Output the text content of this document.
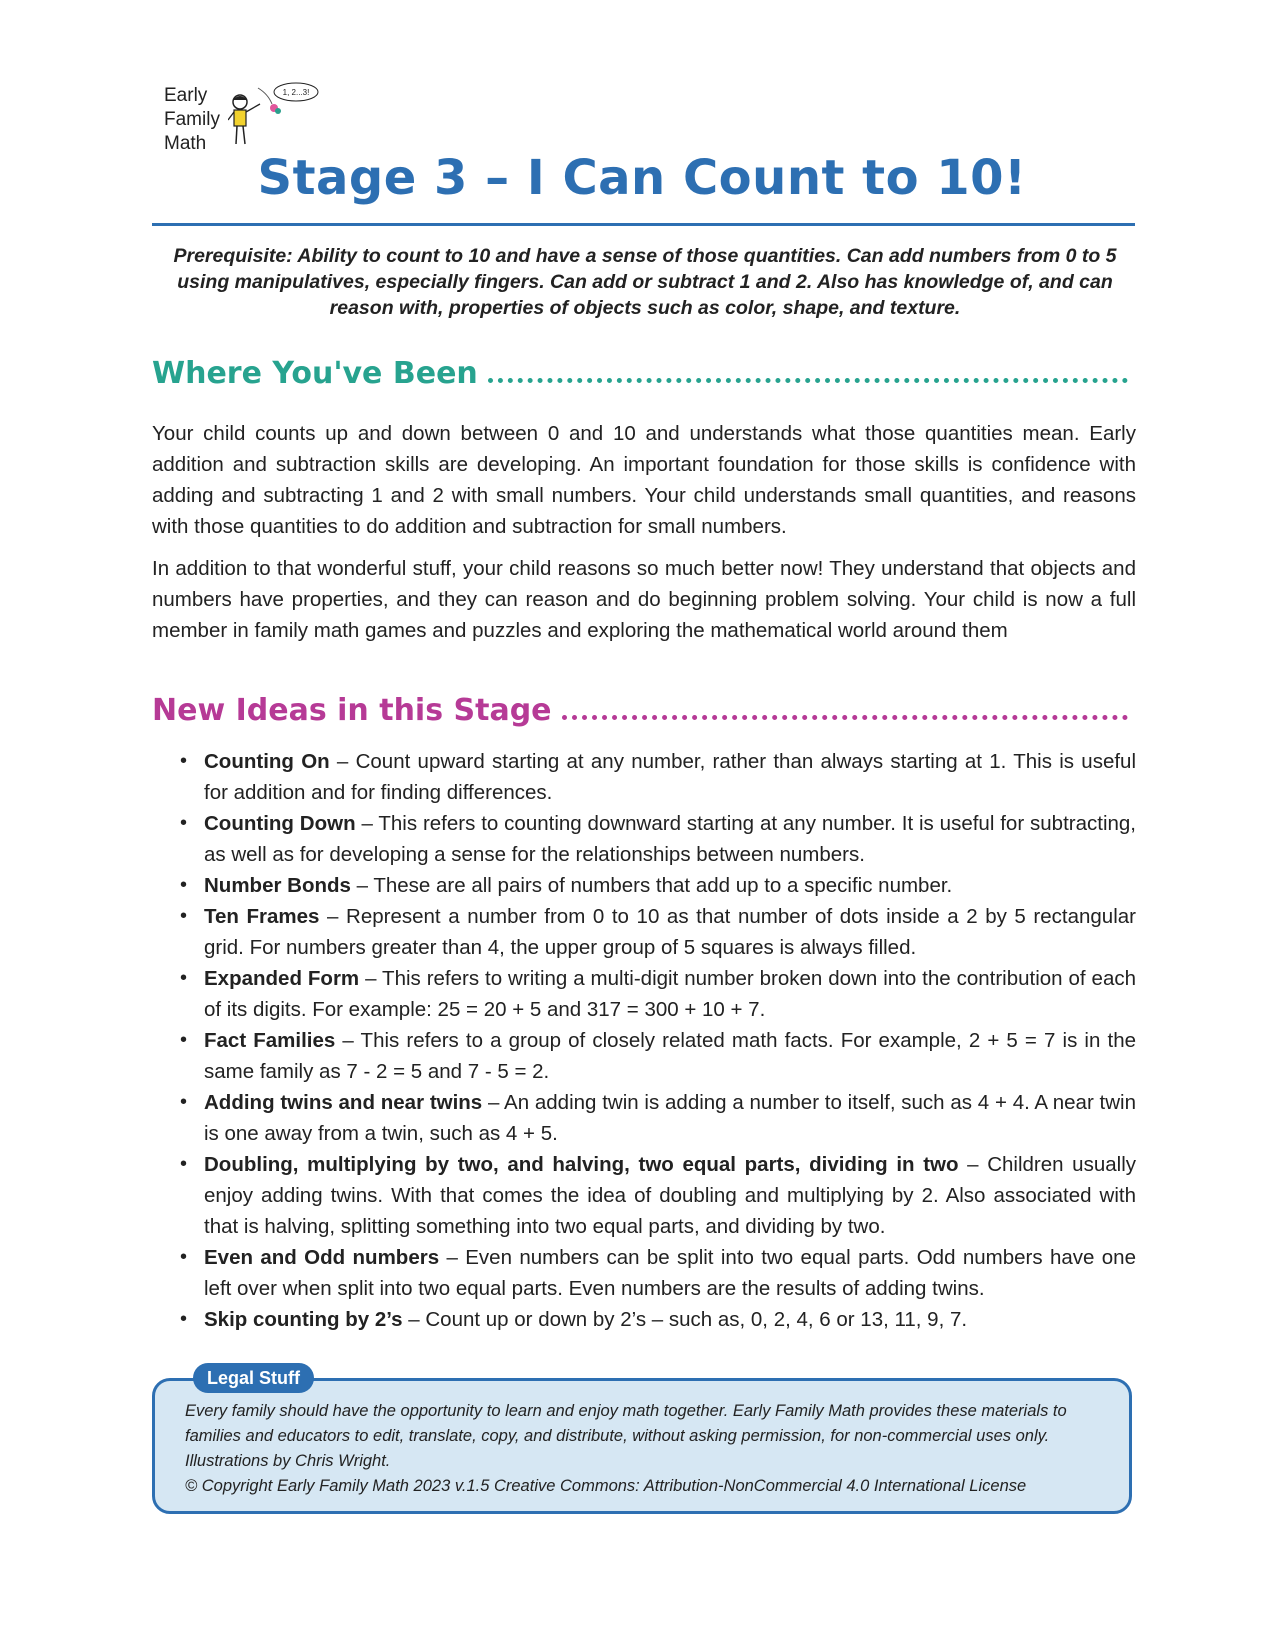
Early
Family
Math
1, 2...3!
Stage 3 – I Can Count to 10!
Prerequisite: Ability to count to 10 and have a sense of those quantities. Can add numbers from 0 to 5 using manipulatives, especially fingers. Can add or subtract 1 and 2. Also has knowledge of, and can reason with, properties of objects such as color, shape, and texture.
Where You've Been

Your child counts up and down between 0 and 10 and understands what those quantities mean. Early addition and subtraction skills are developing. An important foundation for those skills is confidence with adding and subtracting 1 and 2 with small numbers. Your child understands small quantities, and reasons with those quantities to do addition and subtraction for small numbers.

In addition to that wonderful stuff, your child reasons so much better now! They understand that objects and numbers have properties, and they can reason and do beginning problem solving. Your child is now a full member in family math games and puzzles and exploring the mathematical world around them

New Ideas in this Stage
• Counting On – Count upward starting at any number, rather than always starting at 1. This is useful for addition and for finding differences.
• Counting Down – This refers to counting downward starting at any number. It is useful for subtracting, as well as for developing a sense for the relationships between numbers.
• Number Bonds – These are all pairs of numbers that add up to a specific number.
• Ten Frames – Represent a number from 0 to 10 as that number of dots inside a 2 by 5 rectangular grid. For numbers greater than 4, the upper group of 5 squares is always filled.
• Expanded Form – This refers to writing a multi-digit number broken down into the contribution of each of its digits. For example: 25 = 20 + 5 and 317 = 300 + 10 + 7.
• Fact Families – This refers to a group of closely related math facts. For example, 2 + 5 = 7 is in the same family as 7 - 2 = 5 and 7 - 5 = 2.
• Adding twins and near twins – An adding twin is adding a number to itself, such as 4 + 4. A near twin is one away from a twin, such as 4 + 5.
• Doubling, multiplying by two, and halving, two equal parts, dividing in two – Children usually enjoy adding twins. With that comes the idea of doubling and multiplying by 2. Also associated with that is halving, splitting something into two equal parts, and dividing by two.
• Even and Odd numbers – Even numbers can be split into two equal parts. Odd numbers have one left over when split into two equal parts. Even numbers are the results of adding twins.
• Skip counting by 2’s – Count up or down by 2’s – such as, 0, 2, 4, 6 or 13, 11, 9, 7.
Legal Stuff
Every family should have the opportunity to learn and enjoy math together. Early Family Math provides these materials to
families and educators to edit, translate, copy, and distribute, without asking permission, for non-commercial uses only.
Illustrations by Chris Wright.
© Copyright Early Family Math 2023 v.1.5 Creative Commons: Attribution-NonCommercial 4.0 International License
